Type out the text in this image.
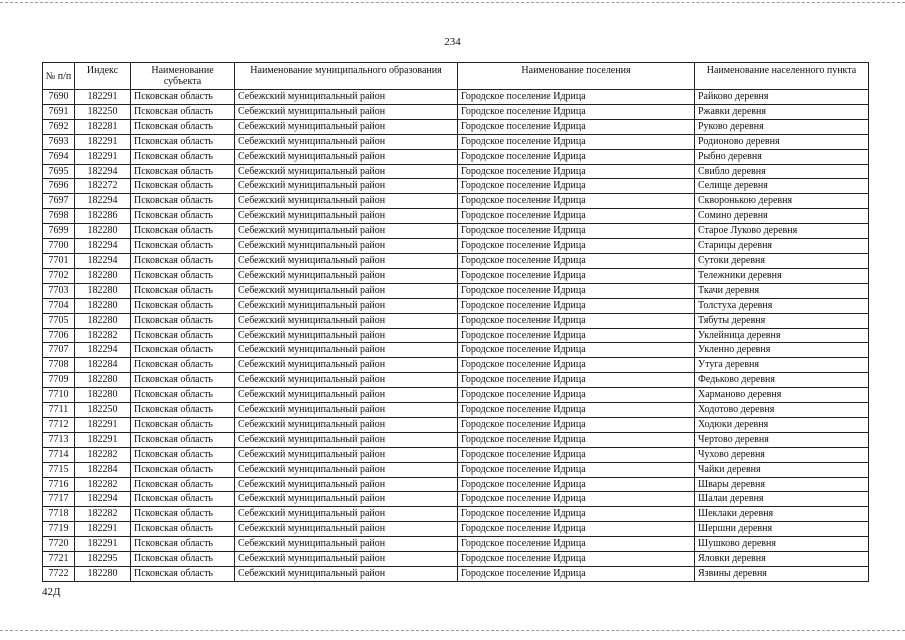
234
№ п/п	Индекс	Наименование субъекта	Наименование муниципального образования	Наименование поселения	Наименование населенного пункта
7690	182291	Псковская область	Себежский муниципальный район	Городское поселение Идрица	Райково деревня
7691	182250	Псковская область	Себежский муниципальный район	Городское поселение Идрица	Ржавки деревня
7692	182281	Псковская область	Себежский муниципальный район	Городское поселение Идрица	Руково деревня
7693	182291	Псковская область	Себежский муниципальный район	Городское поселение Идрица	Родионово деревня
7694	182291	Псковская область	Себежский муниципальный район	Городское поселение Идрица	Рыбно деревня
7695	182294	Псковская область	Себежский муниципальный район	Городское поселение Идрица	Свибло деревня
7696	182272	Псковская область	Себежский муниципальный район	Городское поселение Идрица	Селище деревня
7697	182294	Псковская область	Себежский муниципальный район	Городское поселение Идрица	Скворонькою деревня
7698	182286	Псковская область	Себежский муниципальный район	Городское поселение Идрица	Сомино деревня
7699	182280	Псковская область	Себежский муниципальный район	Городское поселение Идрица	Старое Луково деревня
7700	182294	Псковская область	Себежский муниципальный район	Городское поселение Идрица	Старицы деревня
7701	182294	Псковская область	Себежский муниципальный район	Городское поселение Идрица	Сутоки деревня
7702	182280	Псковская область	Себежский муниципальный район	Городское поселение Идрица	Тележники деревня
7703	182280	Псковская область	Себежский муниципальный район	Городское поселение Идрица	Ткачи деревня
7704	182280	Псковская область	Себежский муниципальный район	Городское поселение Идрица	Толстуха деревня
7705	182280	Псковская область	Себежский муниципальный район	Городское поселение Идрица	Тябуты деревня
7706	182282	Псковская область	Себежский муниципальный район	Городское поселение Идрица	Уклейница деревня
7707	182294	Псковская область	Себежский муниципальный район	Городское поселение Идрица	Укленно деревня
7708	182284	Псковская область	Себежский муниципальный район	Городское поселение Идрица	Утуга деревня
7709	182280	Псковская область	Себежский муниципальный район	Городское поселение Идрица	Федьково деревня
7710	182280	Псковская область	Себежский муниципальный район	Городское поселение Идрица	Харманово деревня
7711	182250	Псковская область	Себежский муниципальный район	Городское поселение Идрица	Ходотово деревня
7712	182291	Псковская область	Себежский муниципальный район	Городское поселение Идрица	Ходюки деревня
7713	182291	Псковская область	Себежский муниципальный район	Городское поселение Идрица	Чертово деревня
7714	182282	Псковская область	Себежский муниципальный район	Городское поселение Идрица	Чухово деревня
7715	182284	Псковская область	Себежский муниципальный район	Городское поселение Идрица	Чайки деревня
7716	182282	Псковская область	Себежский муниципальный район	Городское поселение Идрица	Швары деревня
7717	182294	Псковская область	Себежский муниципальный район	Городское поселение Идрица	Шалаи деревня
7718	182282	Псковская область	Себежский муниципальный район	Городское поселение Идрица	Шеклаки деревня
7719	182291	Псковская область	Себежский муниципальный район	Городское поселение Идрица	Шершни деревня
7720	182291	Псковская область	Себежский муниципальный район	Городское поселение Идрица	Шушково деревня
7721	182295	Псковская область	Себежский муниципальный район	Городское поселение Идрица	Яловки деревня
7722	182280	Псковская область	Себежский муниципальный район	Городское поселение Идрица	Язвины деревня
42Д
